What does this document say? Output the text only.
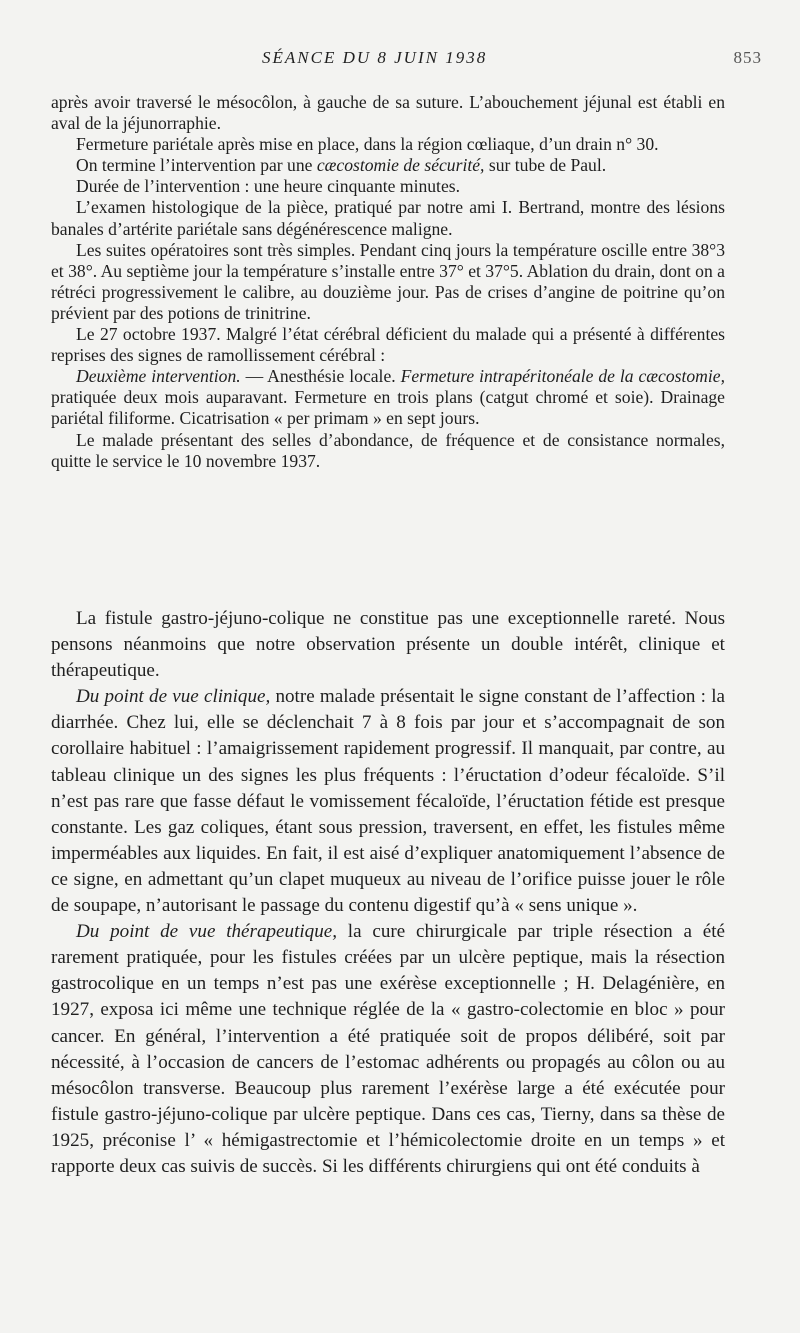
SÉANCE DU 8 JUIN 1938	853

après avoir traversé le mésocôlon, à gauche de sa suture. L’abouchement jéjunal est établi en aval de la jéjunorraphie.

Fermeture pariétale après mise en place, dans la région cœliaque, d’un drain n° 30.

On termine l’intervention par une cæcostomie de sécurité, sur tube de Paul.

Durée de l’intervention : une heure cinquante minutes.

L’examen histologique de la pièce, pratiqué par notre ami I. Bertrand, montre des lésions banales d’artérite pariétale sans dégénérescence maligne.

Les suites opératoires sont très simples. Pendant cinq jours la température oscille entre 38°3 et 38°. Au septième jour la température s’installe entre 37° et 37°5. Ablation du drain, dont on a rétréci progressivement le calibre, au douzième jour. Pas de crises d’angine de poitrine qu’on prévient par des potions de trinitrine.

Le 27 octobre 1937. Malgré l’état cérébral déficient du malade qui a présenté à différentes reprises des signes de ramollissement cérébral :

Deuxième intervention. — Anesthésie locale. Fermeture intrapéritonéale de la cæcostomie, pratiquée deux mois auparavant. Fermeture en trois plans (catgut chromé et soie). Drainage pariétal filiforme. Cicatrisation « per primam » en sept jours.

Le malade présentant des selles d’abondance, de fréquence et de consistance normales, quitte le service le 10 novembre 1937.

La fistule gastro-jéjuno-colique ne constitue pas une exceptionnelle rareté. Nous pensons néanmoins que notre observation présente un double intérêt, clinique et thérapeutique.

Du point de vue clinique, notre malade présentait le signe constant de l’affection : la diarrhée. Chez lui, elle se déclenchait 7 à 8 fois par jour et s’accompagnait de son corollaire habituel : l’amaigrissement rapidement progressif. Il manquait, par contre, au tableau clinique un des signes les plus fréquents : l’éructation d’odeur fécaloïde. S’il n’est pas rare que fasse défaut le vomissement fécaloïde, l’éructation fétide est presque constante. Les gaz coliques, étant sous pression, traversent, en effet, les fistules même imperméables aux liquides. En fait, il est aisé d’expliquer anatomiquement l’absence de ce signe, en admettant qu’un clapet muqueux au niveau de l’orifice puisse jouer le rôle de soupape, n’autorisant le passage du contenu digestif qu’à « sens unique ».

Du point de vue thérapeutique, la cure chirurgicale par triple résection a été rarement pratiquée, pour les fistules créées par un ulcère peptique, mais la résection gastrocolique en un temps n’est pas une exérèse exceptionnelle ; H. Delagénière, en 1927, exposa ici même une technique réglée de la « gastro-colectomie en bloc » pour cancer. En général, l’intervention a été pratiquée soit de propos délibéré, soit par nécessité, à l’occasion de cancers de l’estomac adhérents ou propagés au côlon ou au mésocôlon transverse. Beaucoup plus rarement l’exérèse large a été exécutée pour fistule gastro-jéjuno-colique par ulcère peptique. Dans ces cas, Tierny, dans sa thèse de 1925, préconise l’ « hémigastrectomie et l’hémicolectomie droite en un temps » et rapporte deux cas suivis de succès. Si les différents chirurgiens qui ont été conduits à
